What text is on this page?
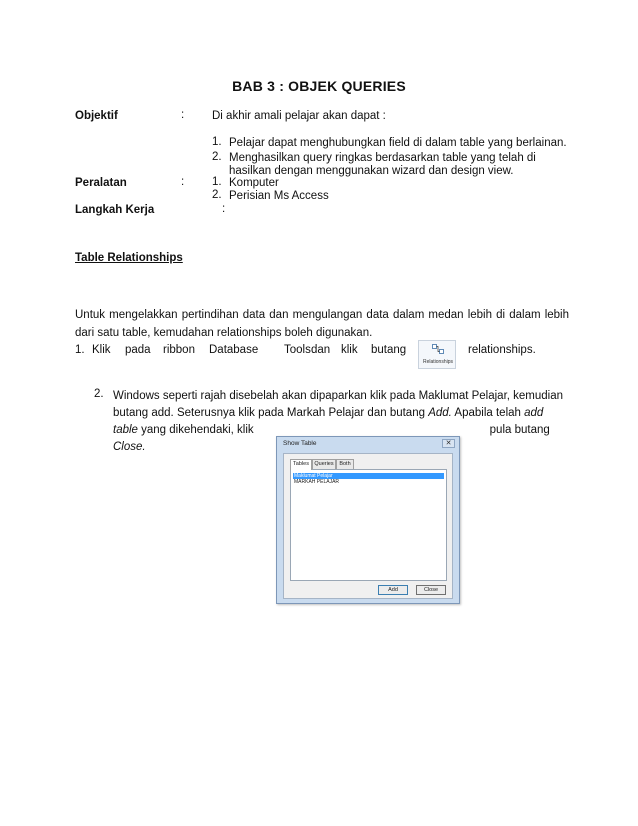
BAB 3 : OBJEK QUERIES
Objektif	: Di akhir amali pelajar akan dapat :
1. Pelajar dapat menghubungkan field di dalam table yang berlainan.
2. Menghasilkan query ringkas berdasarkan table yang telah di
hasilkan dengan menggunakan wizard dan design view.
Peralatan	: 1. Komputer
2. Perisian Ms Access
Langkah Kerja	:
Table Relationships
Untuk mengelakkan pertindihan data dan mengulangan data dalam medan lebih di dalam lebih dari satu table, kemudahan relationships boleh digunakan.
1. Klik pada ribbon Database Tools dan klik butang	relationships.
Relationships
2. Windows seperti rajah disebelah akan dipaparkan klik pada Maklumat Pelajar, kemudian butang add. Seterusnya klik pada Markah Pelajar dan butang Add. Apabila telah add table yang dikehendaki, klik	pula butang
Close.	Show Table	✕
Tables Queries	Both
Maklumat Pelajar
MARKAH PELAJAR
Add	Close
